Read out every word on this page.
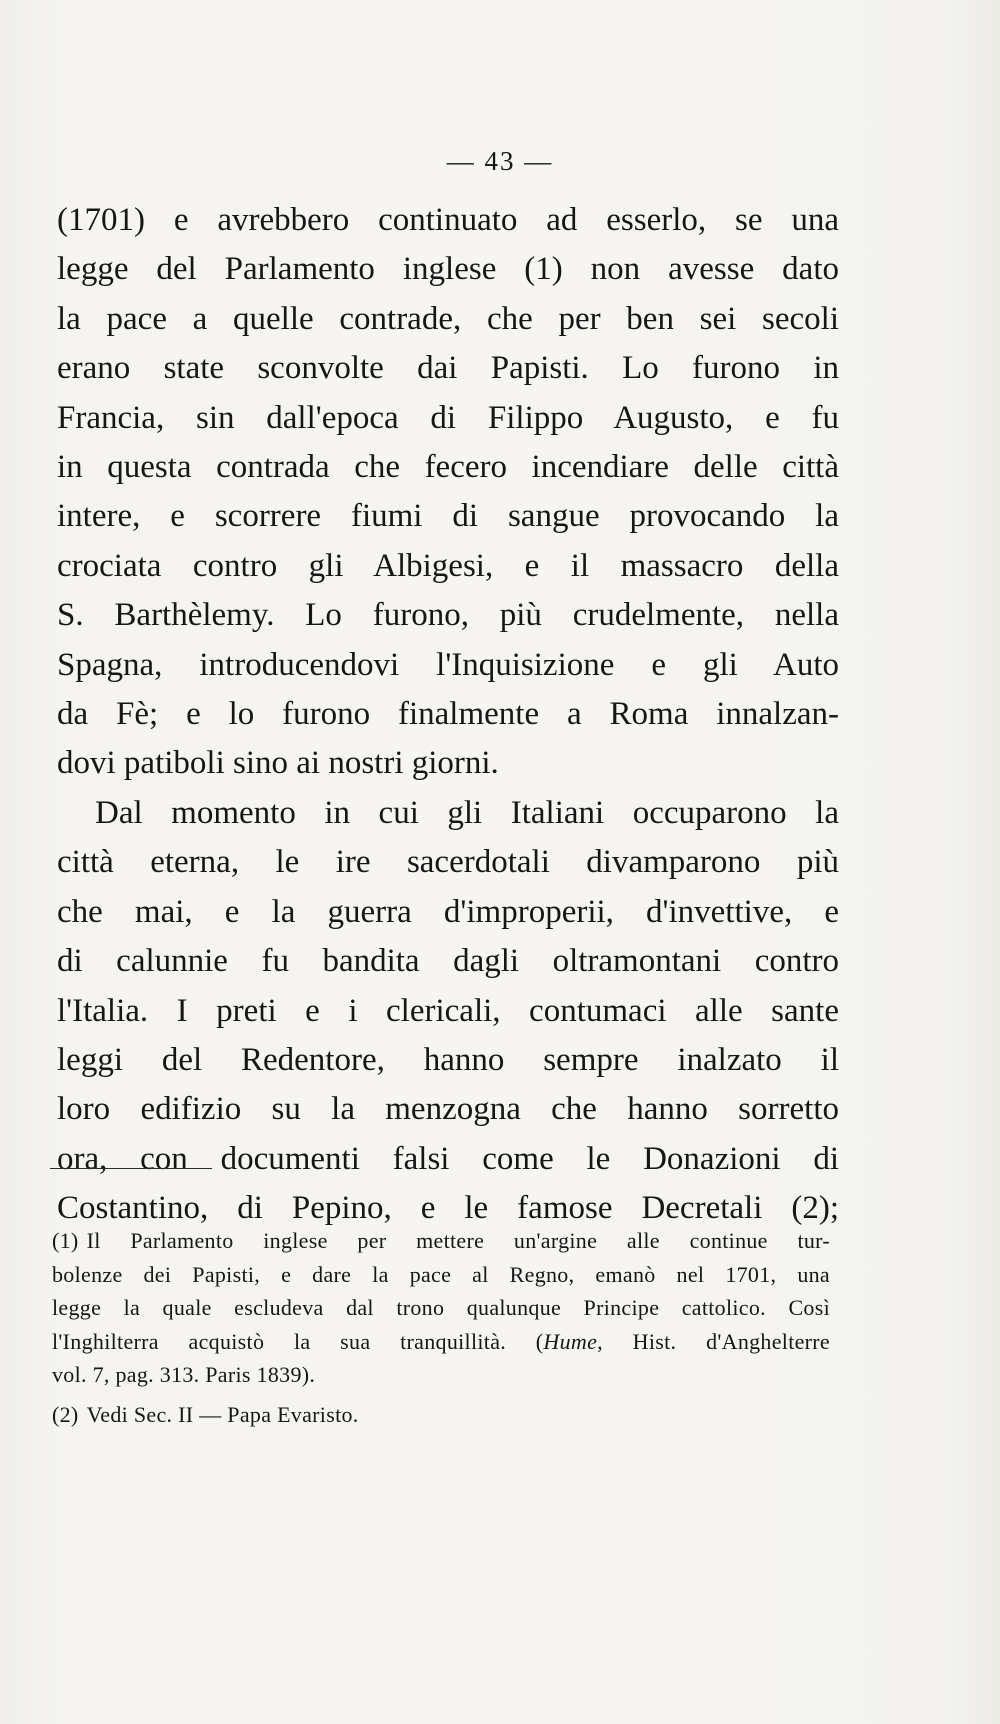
— 43 —
(1701) e avrebbero continuato ad esserlo, se una
legge del Parlamento inglese (1) non avesse dato
la pace a quelle contrade, che per ben sei secoli
erano state sconvolte dai Papisti. Lo furono in
Francia, sin dall'epoca di Filippo Augusto, e fu
in questa contrada che fecero incendiare delle città
intere, e scorrere fiumi di sangue provocando la
crociata contro gli Albigesi, e il massacro della
S. Barthèlemy. Lo furono, più crudelmente, nella
Spagna, introducendovi l'Inquisizione e gli Auto
da Fè; e lo furono finalmente a Roma innalzan-
dovi patiboli sino ai nostri giorni.
Dal momento in cui gli Italiani occuparono la
città eterna, le ire sacerdotali divamparono più
che mai, e la guerra d'improperii, d'invettive, e
di calunnie fu bandita dagli oltramontani contro
l'Italia. I preti e i clericali, contumaci alle sante
leggi del Redentore, hanno sempre inalzato il
loro edifizio su la menzogna che hanno sorretto
ora, con documenti falsi come le Donazioni di
Costantino, di Pepino, e le famose Decretali (2);
(1) Il Parlamento inglese per mettere un'argine alle continue tur-
bolenze dei Papisti, e dare la pace al Regno, emanò nel 1701, una
legge la quale escludeva dal trono qualunque Principe cattolico. Così
l'Inghilterra acquistò la sua tranquillità. (Hume, Hist. d'Anghelterre
vol. 7, pag. 313. Paris 1839).
(2) Vedi Sec. II — Papa Evaristo.
